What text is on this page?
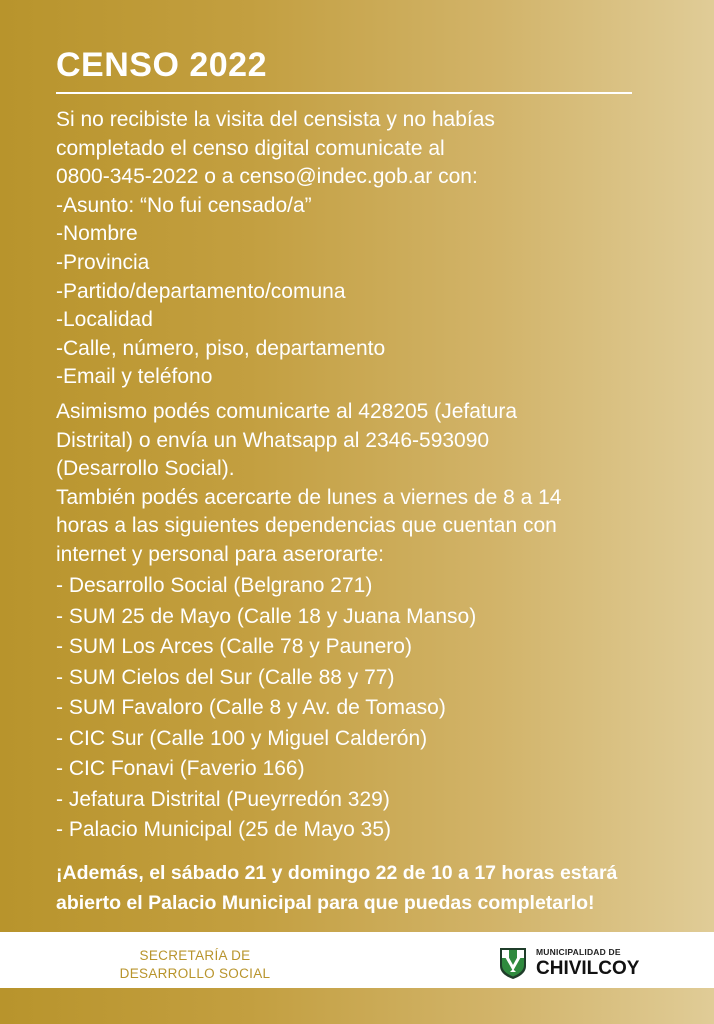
CENSO 2022
Si no recibiste la visita del censista y no habías
completado el censo digital comunicate al
0800-345-2022 o a censo@indec.gob.ar con:
-Asunto: “No fui censado/a”
-Nombre
-Provincia
-Partido/departamento/comuna
-Localidad
-Calle, número, piso, departamento
-Email y teléfono
Asimismo podés comunicarte al 428205 (Jefatura
Distrital) o envía un Whatsapp al 2346-593090
(Desarrollo Social).
También podés acercarte de lunes a viernes de 8 a 14
horas a las siguientes dependencias que cuentan con
internet y personal para aserorarte:
- Desarrollo Social (Belgrano 271)
- SUM 25 de Mayo (Calle 18 y Juana Manso)
- SUM Los Arces (Calle 78 y Paunero)
- SUM Cielos del Sur (Calle 88 y 77)
- SUM Favaloro (Calle 8 y Av. de Tomaso)
- CIC Sur (Calle 100 y Miguel Calderón)
- CIC Fonavi (Faverio 166)
- Jefatura Distrital (Pueyrredón 329)
- Palacio Municipal (25 de Mayo 35)
¡Además, el sábado 21 y domingo 22 de 10 a 17 horas estará
abierto el Palacio Municipal para que puedas completarlo!
SECRETARÍA DE
DESARROLLO SOCIAL
MUNICIPALIDAD DE
CHIVILCOY
